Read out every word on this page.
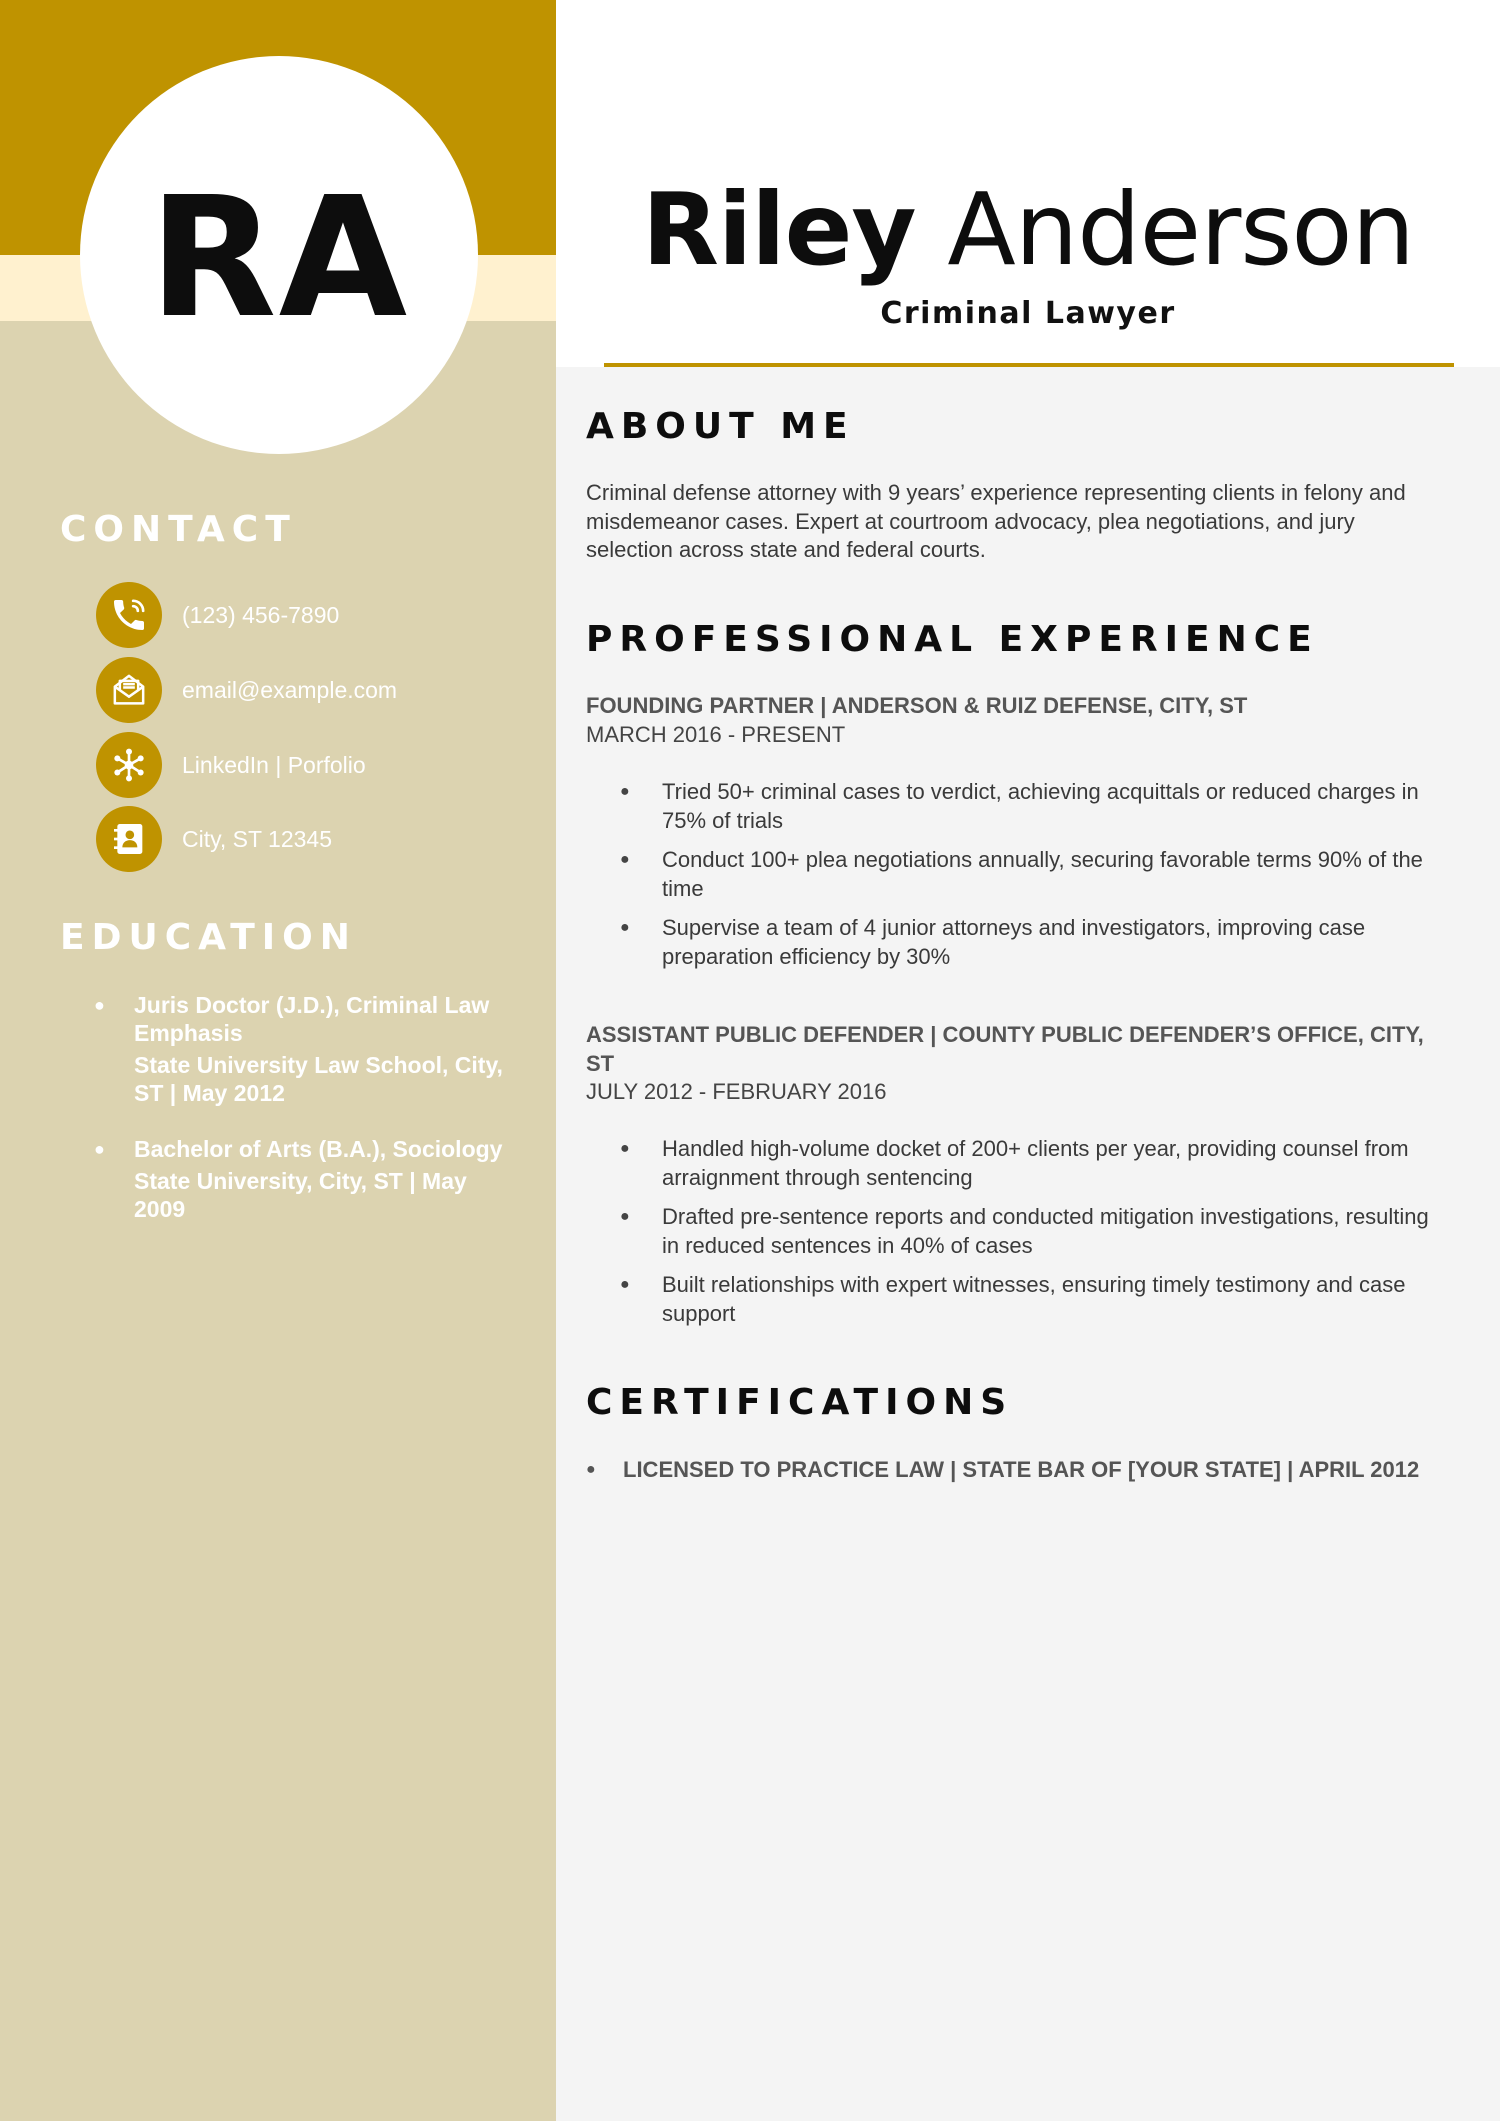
RA	Riley Anderson
Criminal Lawyer
CONTACT
(123) 456-7890
email@example.com
LinkedIn | Porfolio
City, ST 12345
EDUCATION
● Juris Doctor (J.D.), Criminal Law Emphasis
State University Law School, City, ST | May 2012
● Bachelor of Arts (B.A.), Sociology
State University, City, ST | May 2009
ABOUT ME
Criminal defense attorney with 9 years’ experience representing clients in felony and misdemeanor cases. Expert at courtroom advocacy, plea negotiations, and jury selection across state and federal courts.
PROFESSIONAL EXPERIENCE
FOUNDING PARTNER | ANDERSON & RUIZ DEFENSE, CITY, ST
MARCH 2016 - PRESENT
● Tried 50+ criminal cases to verdict, achieving acquittals or reduced charges in 75% of trials
● Conduct 100+ plea negotiations annually, securing favorable terms 90% of the time
● Supervise a team of 4 junior attorneys and investigators, improving case preparation efficiency by 30%
ASSISTANT PUBLIC DEFENDER | COUNTY PUBLIC DEFENDER’S OFFICE, CITY, ST
JULY 2012 - FEBRUARY 2016
● Handled high-volume docket of 200+ clients per year, providing counsel from arraignment through sentencing
● Drafted pre-sentence reports and conducted mitigation investigations, resulting in reduced sentences in 40% of cases
● Built relationships with expert witnesses, ensuring timely testimony and case support
CERTIFICATIONS
● LICENSED TO PRACTICE LAW | STATE BAR OF [YOUR STATE] | APRIL 2012
